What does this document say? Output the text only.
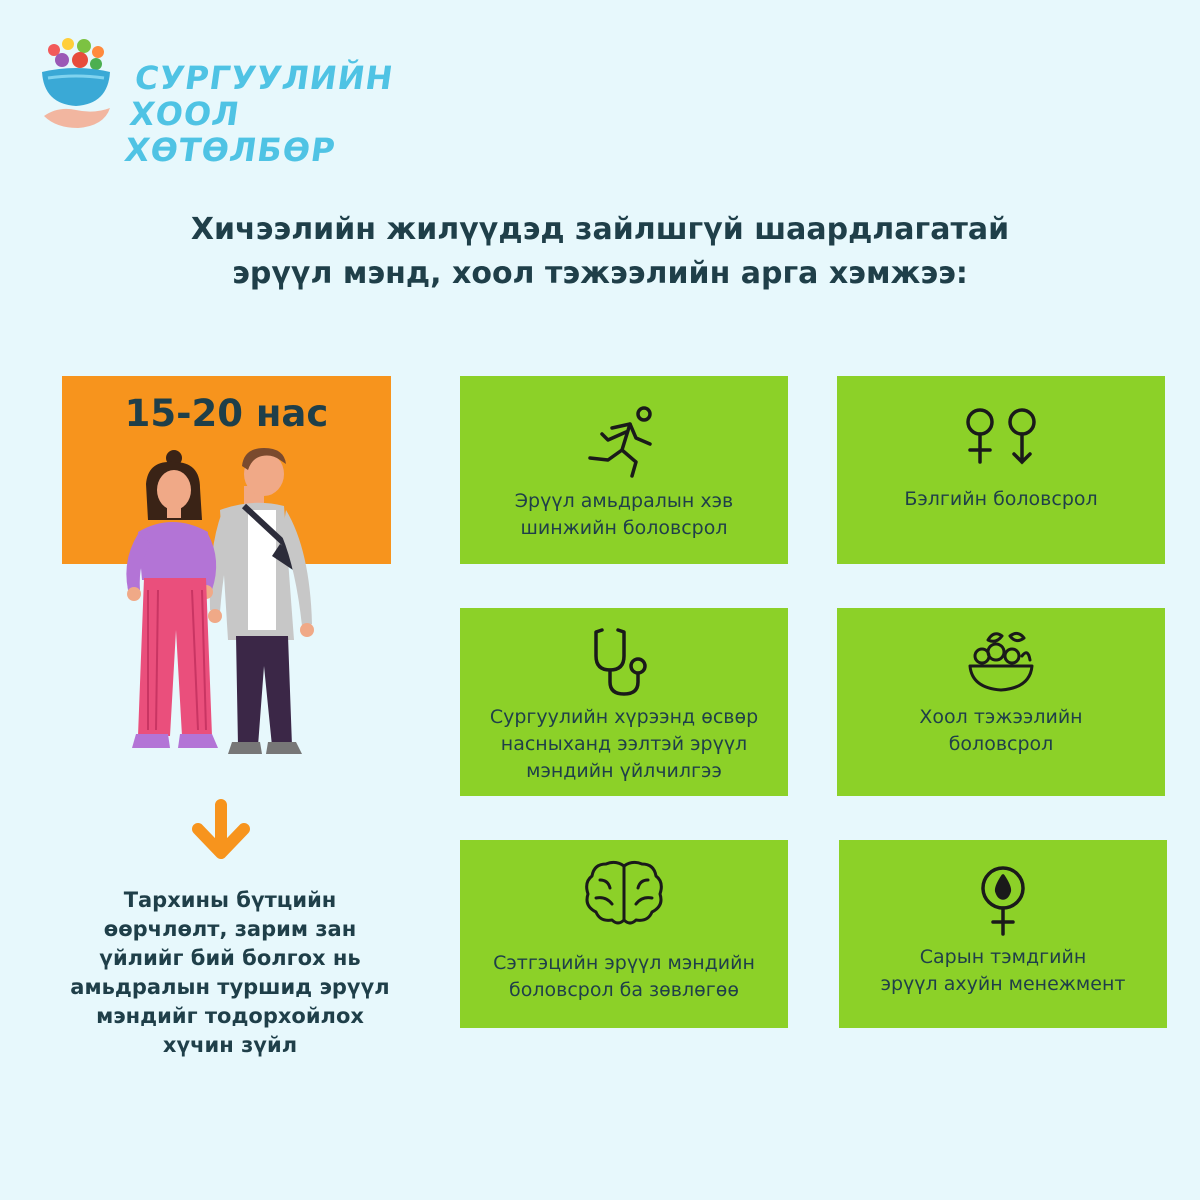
СУРГУУЛИЙН ХООЛ
ХӨТӨЛБӨР
Хичээлийн жилүүдэд зайлшгүй шаардлагатай
эрүүл мэнд, хоол тэжээлийн арга хэмжээ:
15-20 нас
Тархины бүтцийн
өөрчлөлт, зарим зан
үйлийг бий болгох нь
амьдралын туршид эрүүл
мэндийг тодорхойлох
хүчин зүйл
Эрүүл амьдралын хэв
шинжийн боловсрол
Бэлгийн боловсрол
Сургуулийн хүрээнд өсвөр
насныханд ээлтэй эрүүл
мэндийн үйлчилгээ
Хоол тэжээлийн
боловсрол
Сэтгэцийн эрүүл мэндийн
боловсрол ба зөвлөгөө
Сарын тэмдгийн
эрүүл ахуйн менежмент
